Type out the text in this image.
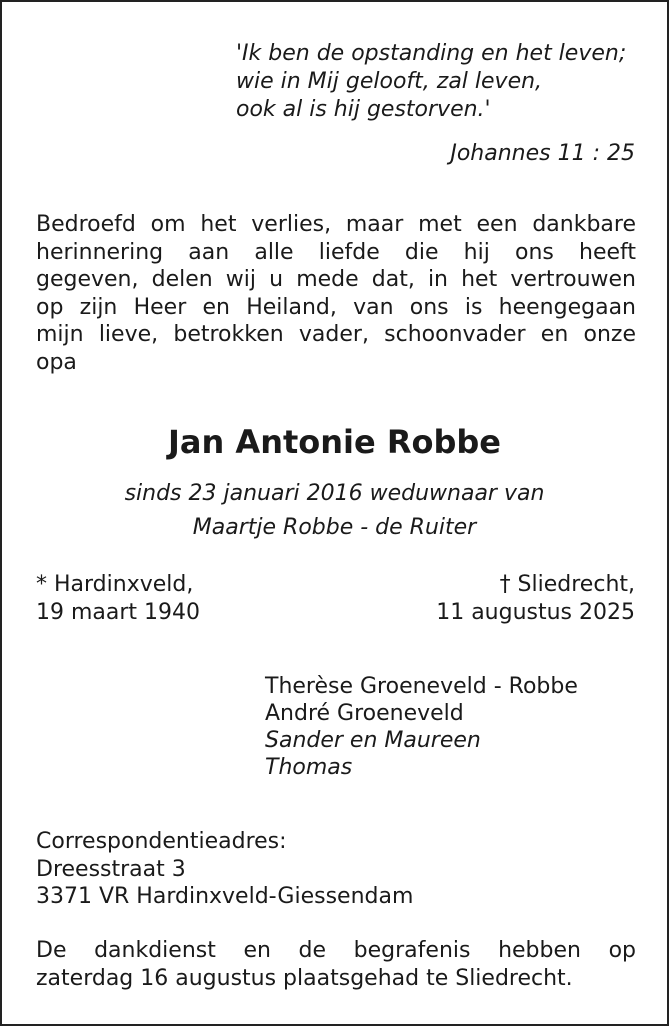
'Ik ben de opstanding en het leven;
wie in Mij gelooft, zal leven,
ook al is hij gestorven.'
Johannes 11 : 25
Bedroefd om het verlies, maar met een dankbare
herinnering aan alle liefde die hij ons heeft
gegeven, delen wij u mede dat, in het vertrouwen
op zijn Heer en Heiland, van ons is heengegaan
mijn lieve, betrokken vader, schoonvader en onze
opa
Jan Antonie Robbe
sinds 23 januari 2016 weduwnaar van
Maartje Robbe - de Ruiter
* Hardinxveld,
19 maart 1940
† Sliedrecht,
11 augustus 2025
Therèse Groeneveld - Robbe
André Groeneveld
Sander en Maureen
Thomas
Correspondentieadres:
Dreesstraat 3
3371 VR Hardinxveld-Giessendam
De dankdienst en de begrafenis hebben op
zaterdag 16 augustus plaatsgehad te Sliedrecht.
